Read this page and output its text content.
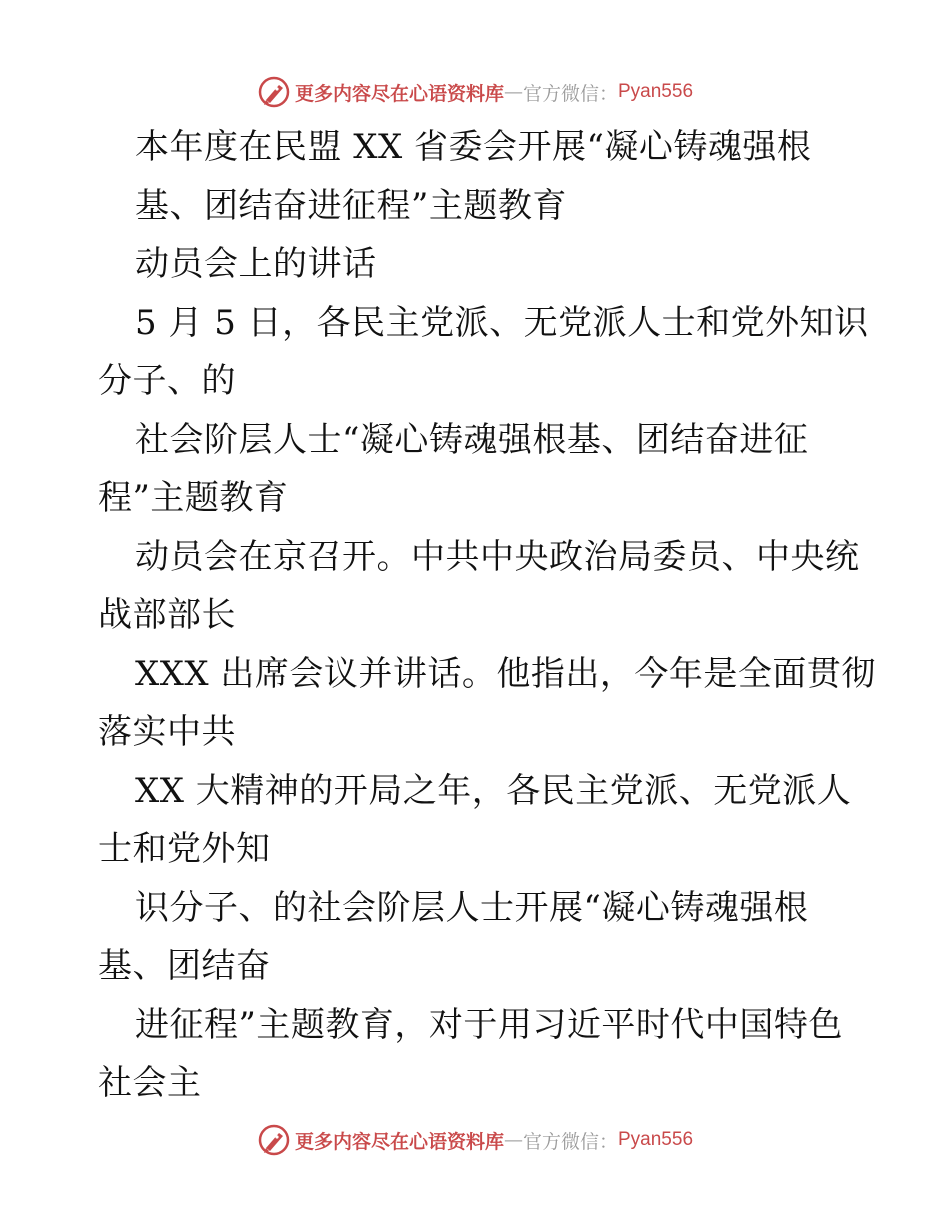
更多内容尽在心语资料库 — 官方微信： Pyan556
本年度在民盟 XX 省委会开展“凝心铸魂强根
基、团结奋进征程”主题教育
动员会上的讲话
5 月 5 日，各民主党派、无党派人士和党外知识
分子、的
社会阶层人士“凝心铸魂强根基、团结奋进征
程”主题教育
动员会在京召开。中共中央政治局委员、中央统
战部部长
XXX 出席会议并讲话。他指出，今年是全面贯彻
落实中共
XX 大精神的开局之年，各民主党派、无党派人
士和党外知
识分子、的社会阶层人士开展“凝心铸魂强根
基、团结奋
进征程”主题教育，对于用习近平时代中国特色
社会主
更多内容尽在心语资料库 — 官方微信： Pyan556
